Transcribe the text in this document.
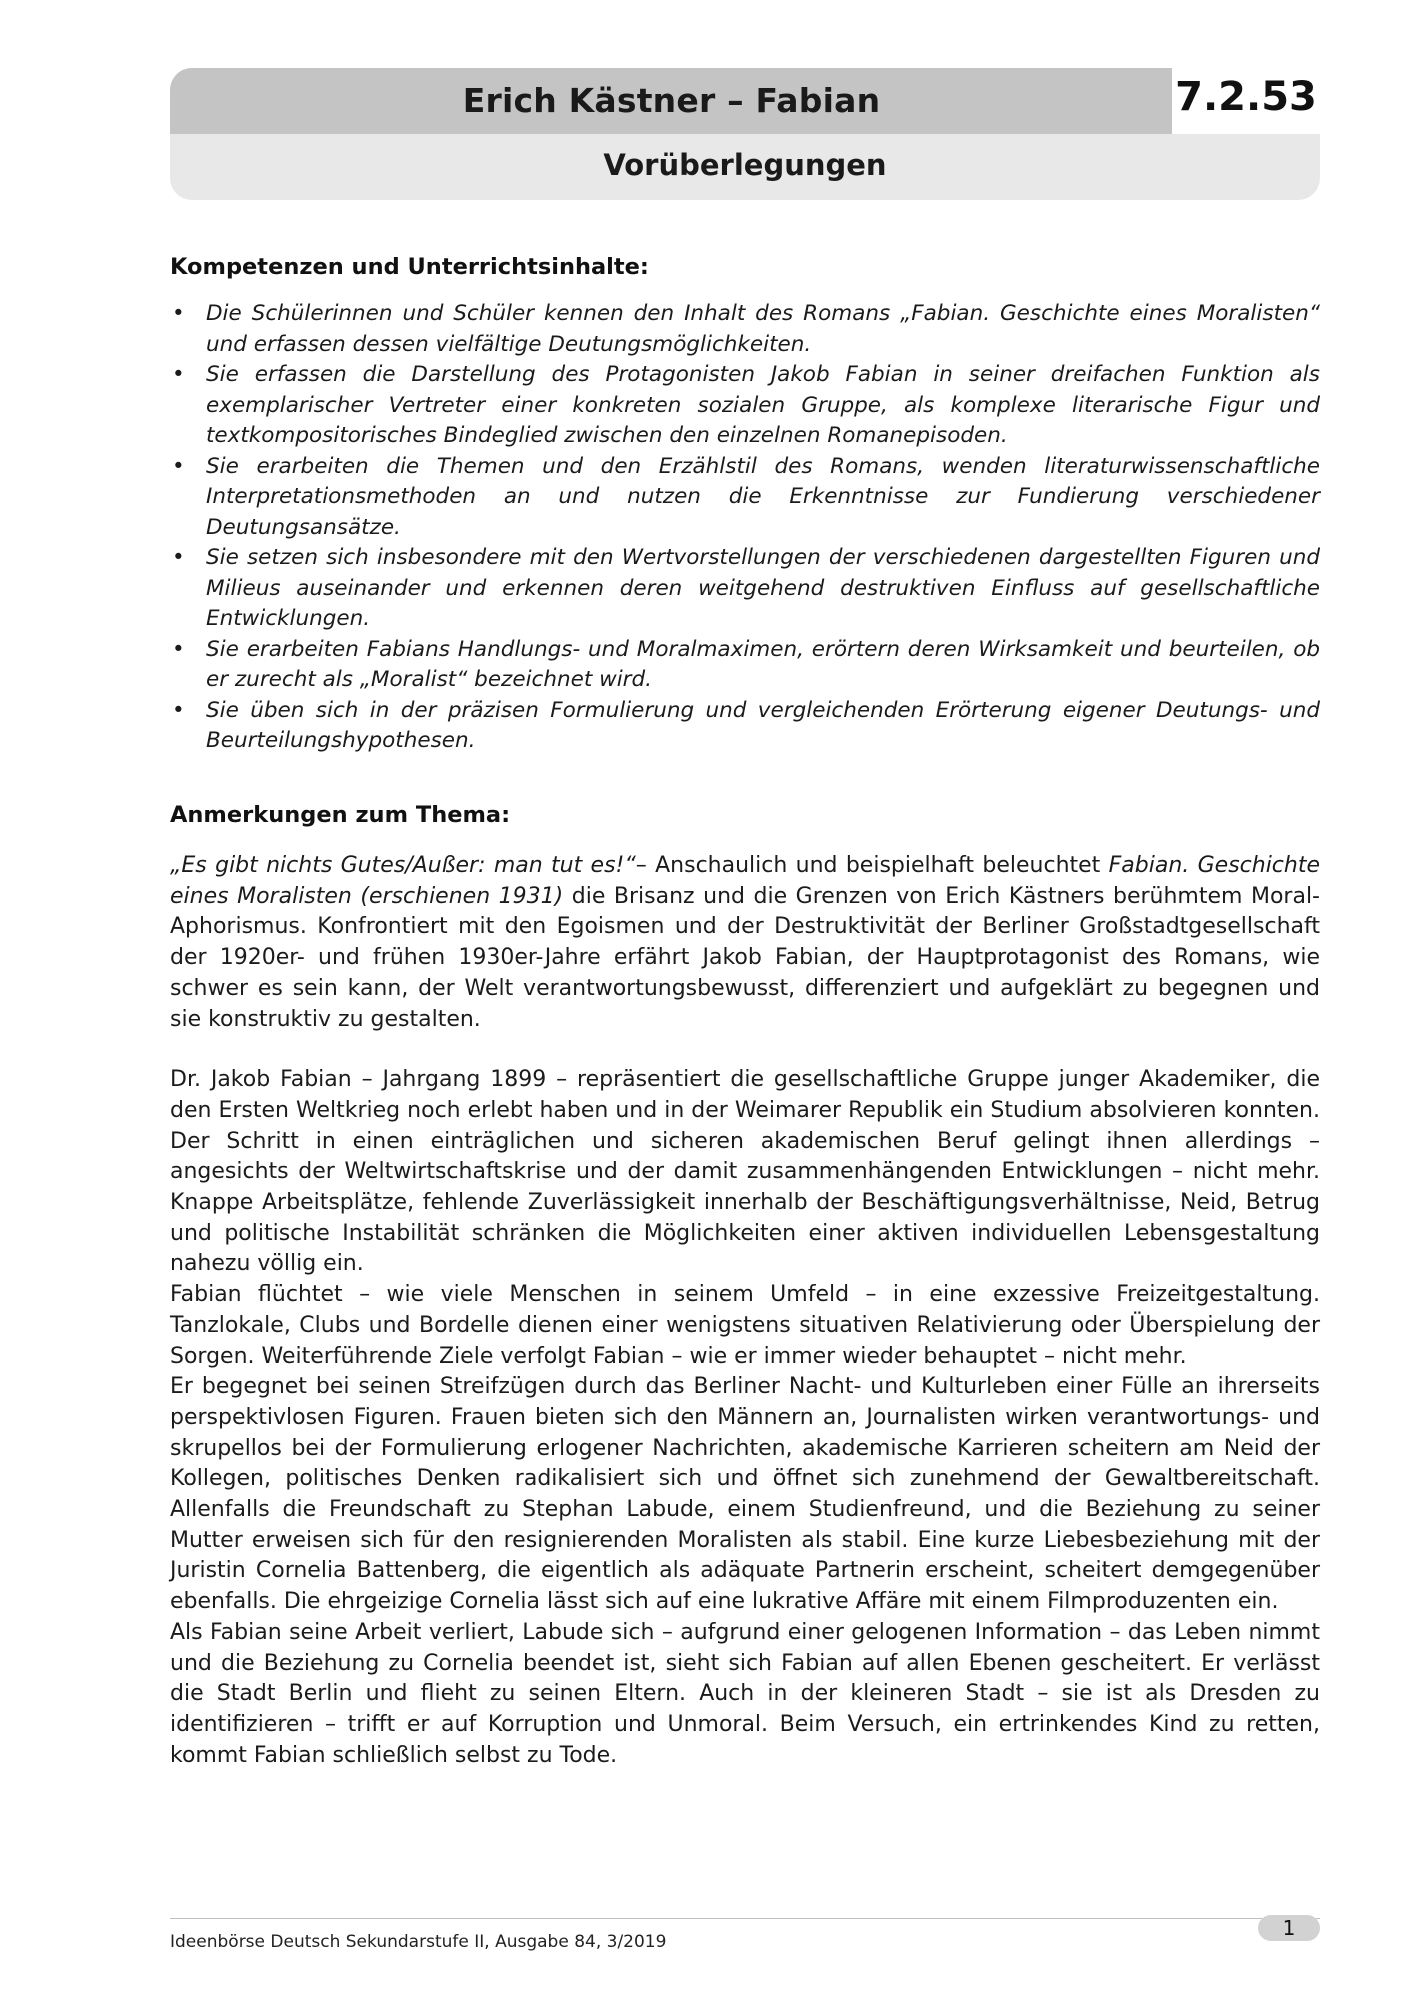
Erich Kästner – Fabian	7.2.53
Vorüberlegungen
Kompetenzen und Unterrichtsinhalte:
• Die Schülerinnen und Schüler kennen den Inhalt des Romans „Fabian. Geschichte eines Moralisten“ und erfassen dessen vielfältige Deutungsmöglichkeiten.
• Sie erfassen die Darstellung des Protagonisten Jakob Fabian in seiner dreifachen Funktion als exemplarischer Vertreter einer konkreten sozialen Gruppe, als komplexe literarische Figur und textkompositorisches Bindeglied zwischen den einzelnen Romanepisoden.
• Sie erarbeiten die Themen und den Erzählstil des Romans, wenden literaturwissenschaftliche Interpretationsmethoden an und nutzen die Erkenntnisse zur Fundierung verschiedener Deutungsansätze.
• Sie setzen sich insbesondere mit den Wertvorstellungen der verschiedenen dargestellten Figuren und Milieus auseinander und erkennen deren weitgehend destruktiven Einfluss auf gesellschaftliche Entwicklungen.
• Sie erarbeiten Fabians Handlungs- und Moralmaximen, erörtern deren Wirksamkeit und beurteilen, ob er zurecht als „Moralist“ bezeichnet wird.
• Sie üben sich in der präzisen Formulierung und vergleichenden Erörterung eigener Deutungs- und Beurteilungshypothesen.
Anmerkungen zum Thema:

„Es gibt nichts Gutes/Außer: man tut es!“– Anschaulich und beispielhaft beleuchtet Fabian. Geschichte eines Moralisten (erschienen 1931) die Brisanz und die Grenzen von Erich Kästners berühmtem Moral-Aphorismus. Konfrontiert mit den Egoismen und der Destruktivität der Berliner Großstadtgesellschaft der 1920er- und frühen 1930er-Jahre erfährt Jakob Fabian, der Hauptprotagonist des Romans, wie schwer es sein kann, der Welt verantwortungsbewusst, differenziert und aufgeklärt zu begegnen und sie konstruktiv zu gestalten.

Dr. Jakob Fabian – Jahrgang 1899 – repräsentiert die gesellschaftliche Gruppe junger Akademiker, die den Ersten Weltkrieg noch erlebt haben und in der Weimarer Republik ein Studium absolvieren konnten. Der Schritt in einen einträglichen und sicheren akademischen Beruf gelingt ihnen allerdings – angesichts der Weltwirtschaftskrise und der damit zusammenhängenden Entwicklungen – nicht mehr. Knappe Arbeitsplätze, fehlende Zuverlässigkeit innerhalb der Beschäftigungsverhältnisse, Neid, Betrug und politische Instabilität schränken die Möglichkeiten einer aktiven individuellen Lebensgestaltung nahezu völlig ein.

Fabian flüchtet – wie viele Menschen in seinem Umfeld – in eine exzessive Freizeitgestaltung. Tanzlokale, Clubs und Bordelle dienen einer wenigstens situativen Relativierung oder Überspielung der Sorgen. Weiterführende Ziele verfolgt Fabian – wie er immer wieder behauptet – nicht mehr.

Er begegnet bei seinen Streifzügen durch das Berliner Nacht- und Kulturleben einer Fülle an ihrerseits perspektivlosen Figuren. Frauen bieten sich den Männern an, Journalisten wirken verantwortungs- und skrupellos bei der Formulierung erlogener Nachrichten, akademische Karrieren scheitern am Neid der Kollegen, politisches Denken radikalisiert sich und öffnet sich zunehmend der Gewaltbereitschaft. Allenfalls die Freundschaft zu Stephan Labude, einem Studienfreund, und die Beziehung zu seiner Mutter erweisen sich für den resignierenden Moralisten als stabil. Eine kurze Liebesbeziehung mit der Juristin Cornelia Battenberg, die eigentlich als adäquate Partnerin erscheint, scheitert demgegenüber ebenfalls. Die ehrgeizige Cornelia lässt sich auf eine lukrative Affäre mit einem Filmproduzenten ein.

Als Fabian seine Arbeit verliert, Labude sich – aufgrund einer gelogenen Information – das Leben nimmt und die Beziehung zu Cornelia beendet ist, sieht sich Fabian auf allen Ebenen gescheitert. Er verlässt die Stadt Berlin und flieht zu seinen Eltern. Auch in der kleineren Stadt – sie ist als Dresden zu identifizieren – trifft er auf Korruption und Unmoral. Beim Versuch, ein ertrinkendes Kind zu retten, kommt Fabian schließlich selbst zu Tode.

Ideenbörse Deutsch Sekundarstufe II, Ausgabe 84, 3/2019
1
